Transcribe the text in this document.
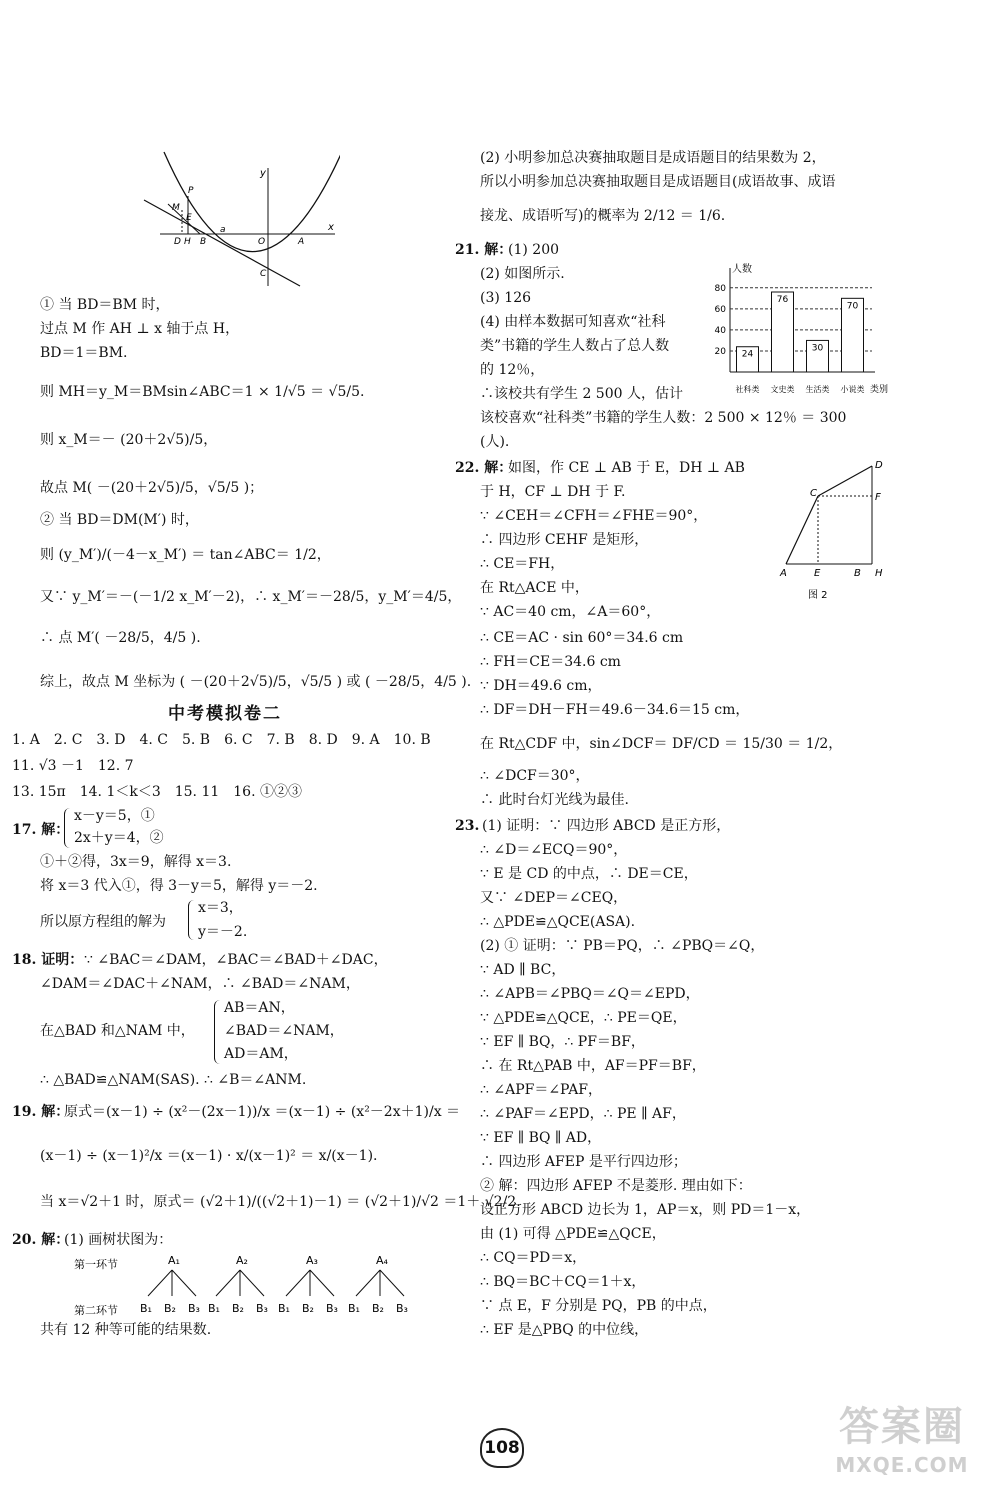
y
x
P
M
E
D H B
a
O	A
C
① 当 BD＝BM 时，
过点 M 作 AH ⊥ x 轴于点 H，
BD＝1＝BM.
则 MH＝y_M＝BMsin∠ABC＝1 × 1/√5 ＝ √5/5.
则 x_M＝－ (20＋2√5)/5，
故点 M( －(20＋2√5)/5，√5/5 )；
② 当 BD＝DM(M′) 时，
则 (y_M′)/(－4－x_M′) ＝ tan∠ABC＝ 1/2，
又∵ y_M′＝－(－1/2 x_M′－2)，∴ x_M′＝－28/5，y_M′＝4/5，
∴ 点 M′( －28/5，4/5 ).
综上，故点 M 坐标为 ( －(20＋2√5)/5，√5/5 ) 或 ( －28/5，4/5 ).
中考模拟卷二
1. A　2. C　3. D　4. C　5. B　6. C　7. B　8. D　9. A　10. B
11. √3 －1　12. 7
13. 15π　14. 1＜k＜3　15. 11　16. ①②③
17. 解：
x－y＝5，①
2x＋y＝4，②
①＋②得，3x＝9，解得 x＝3.
将 x＝3 代入①，得 3－y＝5，解得 y＝－2.
所以原方程组的解为
x＝3，
y＝－2.
18. 证明： ∵ ∠BAC＝∠DAM，∠BAC＝∠BAD＋∠DAC，
∠DAM＝∠DAC＋∠NAM，∴ ∠BAD＝∠NAM，
AB＝AN，
在△BAD 和△NAM 中， ∠BAD＝∠NAM，
AD＝AM，
∴ △BAD≌△NAM(SAS). ∴ ∠B＝∠ANM.
19. 解：
原式＝(x－1) ÷ (x²－(2x－1))/x ＝(x－1) ÷ (x²－2x＋1)/x ＝
(x－1) ÷ (x－1)²/x ＝(x－1) · x/(x－1)² ＝ x/(x－1).
当 x＝√2＋1 时，原式＝ (√2＋1)/((√2＋1)－1) ＝ (√2＋1)/√2 ＝1＋ √2/2.
20. 解：
(1) 画树状图为：
第一环节
第二环节
A₁
B₁ B₂ B₃
A₂
B₁ B₂ B₃
A₃
B₁ B₂ B₃
A₄
B₁ B₂ B₃
共有 12 种等可能的结果数.
(2) 小明参加总决赛抽取题目是成语题目的结果数为 2，
所以小明参加总决赛抽取题目是成语题目(成语故事、成语
接龙、成语听写)的概率为 2/12 ＝ 1/6.
21. 解：
(1) 200
(2) 如图所示.
(3) 126
(4) 由样本数据可知喜欢“社科
类”书籍的学生人数占了总人数
的 12％，
∴该校共有学生 2 500 人，估计
该校喜欢“社科类”书籍的学生人数：2 500 × 12％ ＝ 300
(人).
人数
类别
20
40
60
80
24
76
30
70
社科类 文史类 生活类 小说类
22. 解：
如图，作 CE ⊥ AB 于 E，DH ⊥ AB
于 H，CF ⊥ DH 于 F.
∵ ∠CEH＝∠CFH＝∠FHE＝90°，
∴ 四边形 CEHF 是矩形，
∴ CE＝FH，
在 Rt△ACE 中，
∵ AC＝40 cm，∠A＝60°，
∴ CE＝AC · sin 60°＝34.6 cm
∴ FH＝CE＝34.6 cm
∵ DH＝49.6 cm，
∴ DF＝DH－FH＝49.6－34.6＝15 cm，
在 Rt△CDF 中，sin∠DCF＝ DF/CD ＝ 15/30 ＝ 1/2，
∴ ∠DCF＝30°，
∴ 此时台灯光线为最佳.
D
C	F
A	E	B H
图 2
23. (1) 证明：∵ 四边形 ABCD 是正方形，
∴ ∠D＝∠ECQ＝90°，
∵ E 是 CD 的中点，∴ DE＝CE，
又∵ ∠DEP＝∠CEQ，
∴ △PDE≌△QCE(ASA).
(2) ① 证明：∵ PB＝PQ，∴ ∠PBQ＝∠Q，
∵ AD ∥ BC，
∴ ∠APB＝∠PBQ＝∠Q＝∠EPD，
∵ △PDE≌△QCE，∴ PE＝QE，
∵ EF ∥ BQ，∴ PF＝BF，
∴ 在 Rt△PAB 中，AF＝PF＝BF，
∴ ∠APF＝∠PAF，
∴ ∠PAF＝∠EPD，∴ PE ∥ AF，
∵ EF ∥ BQ ∥ AD，
∴ 四边形 AFEP 是平行四边形；
② 解：四边形 AFEP 不是菱形. 理由如下：
设正方形 ABCD 边长为 1，AP＝x，则 PD＝1－x，
由 (1) 可得 △PDE≌△QCE，
∴ CQ＝PD＝x，
∴ BQ＝BC＋CQ＝1＋x，
∵ 点 E，F 分别是 PQ，PB 的中点，
∴ EF 是△PBQ 的中位线，
108	答案圈
MXQE.COM
